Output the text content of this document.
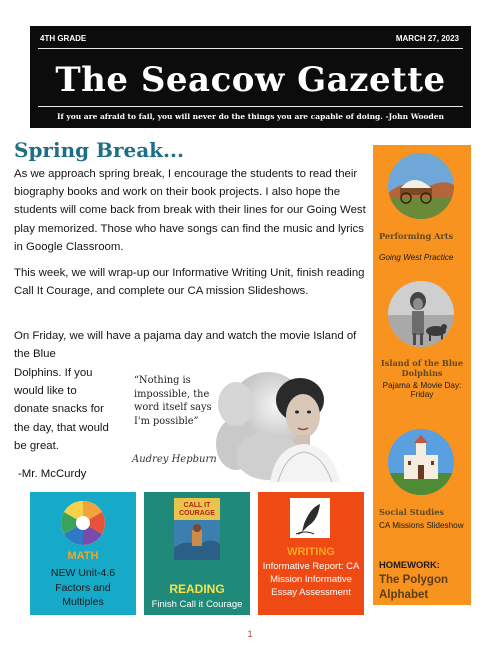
4TH GRADE	MARCH 27, 2023
The Seacow Gazette
If you are afraid to fail, you will never do the things you are capable of doing. -John Wooden
Spring Break...
As we approach spring break, I encourage the students to read their biography books and work on their book projects. I also hope the students will come back from break with their lines for our Going West play memorized. Those who have songs can find the music and lyrics in Google Classroom.
This week, we will wrap-up our Informative Writing Unit, finish reading Call It Courage, and complete our CA mission Slideshows.
On Friday, we will have a pajama day and watch the movie Island of the Blue
Dolphins. If you would like to donate snacks for the day, that would be great.
-Mr. McCurdy
“Nothing is impossible, the word itself says I'm possible”
Audrey Hepburn
Performing Arts
Going West Practice
Island of the Blue Dolphins
Pajama & Movie Day: Friday
Social Studies
CA Missions Slideshow
HOMEWORK:
The Polygon Alphabet
MATH
NEW Unit-4.6 Factors and Multiples
CALL IT COURAGE
READING
Finish Call it Courage
WRITING
Informative Report: CA Mission Informative Essay Assessment
1
